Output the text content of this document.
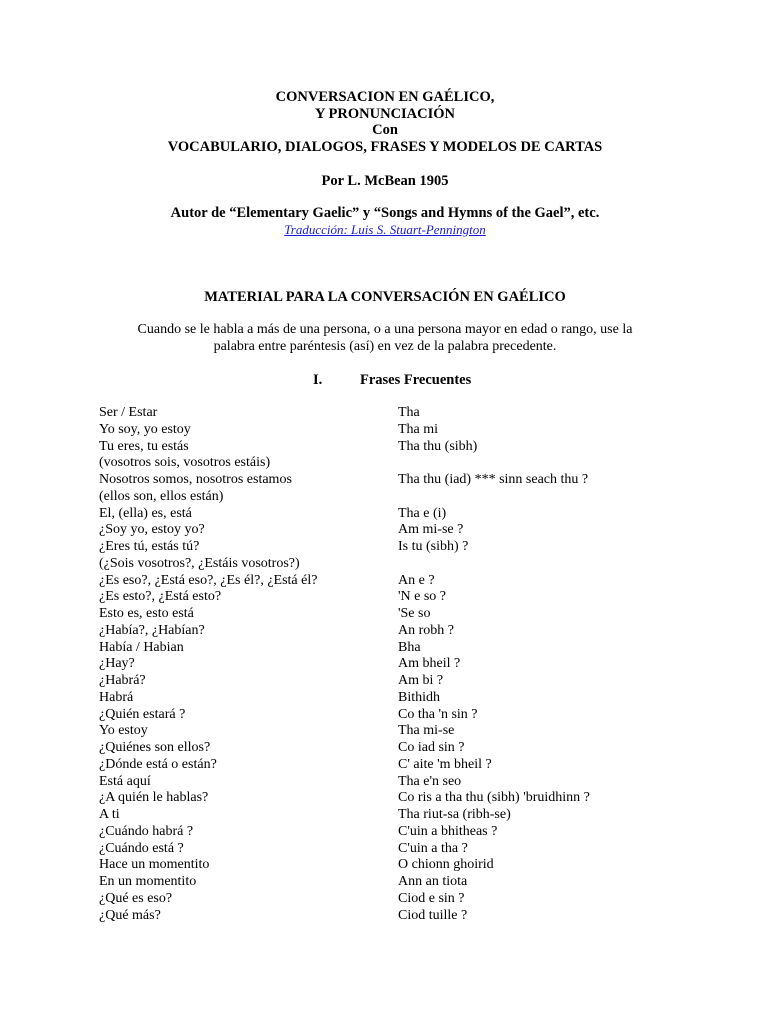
CONVERSACION EN GAÉLICO,
Y PRONUNCIACIÓN
Con
VOCABULARIO, DIALOGOS, FRASES Y MODELOS DE CARTAS
Por L. McBean 1905
Autor de “Elementary Gaelic” y “Songs and Hymns of the Gael”, etc.
Traducción: Luis S. Stuart-Pennington
MATERIAL PARA LA CONVERSACIÓN EN GAÉLICO
Cuando se le habla a más de una persona, o a una persona mayor en edad o rango, use la
palabra entre paréntesis (así) en vez de la palabra precedente.
I.	Frases Frecuentes
Ser / Estar	Tha
Yo soy, yo estoy	Tha mi
Tu eres, tu estás	Tha thu (sibh)
(vosotros sois, vosotros estáis)
Nosotros somos, nosotros estamos	Tha thu (iad) *** sinn seach thu ?
(ellos son, ellos están)
El, (ella) es, está	Tha e (i)
¿Soy yo, estoy yo?	Am mi-se ?
¿Eres tú, estás tú?	Is tu (sibh) ?
(¿Sois vosotros?, ¿Estáis vosotros?)
¿Es eso?, ¿Está eso?, ¿Es él?, ¿Está él?	An e ?
¿Es esto?, ¿Está esto?	'N e so ?
Esto es, esto está	'Se so
¿Había?, ¿Habían?	An robh ?
Había / Habian	Bha
¿Hay?	Am bheil ?
¿Habrá?	Am bi ?
Habrá	Bithidh
¿Quién estará ?	Co tha 'n sin ?
Yo estoy	Tha mi-se
¿Quiénes son ellos?	Co iad sin ?
¿Dónde está o están?	C' aite 'm bheil ?
Está aquí	Tha e'n seo
¿A quién le hablas?	Co ris a tha thu (sibh) 'bruidhinn ?
A ti	Tha riut-sa (ribh-se)
¿Cuándo habrá ?	C'uin a bhitheas ?
¿Cuándo está ?	C'uin a tha ?
Hace un momentito	O chionn ghoirid
En un momentito	Ann an tiota
¿Qué es eso?	Ciod e sin ?
¿Qué más?	Ciod tuille ?
